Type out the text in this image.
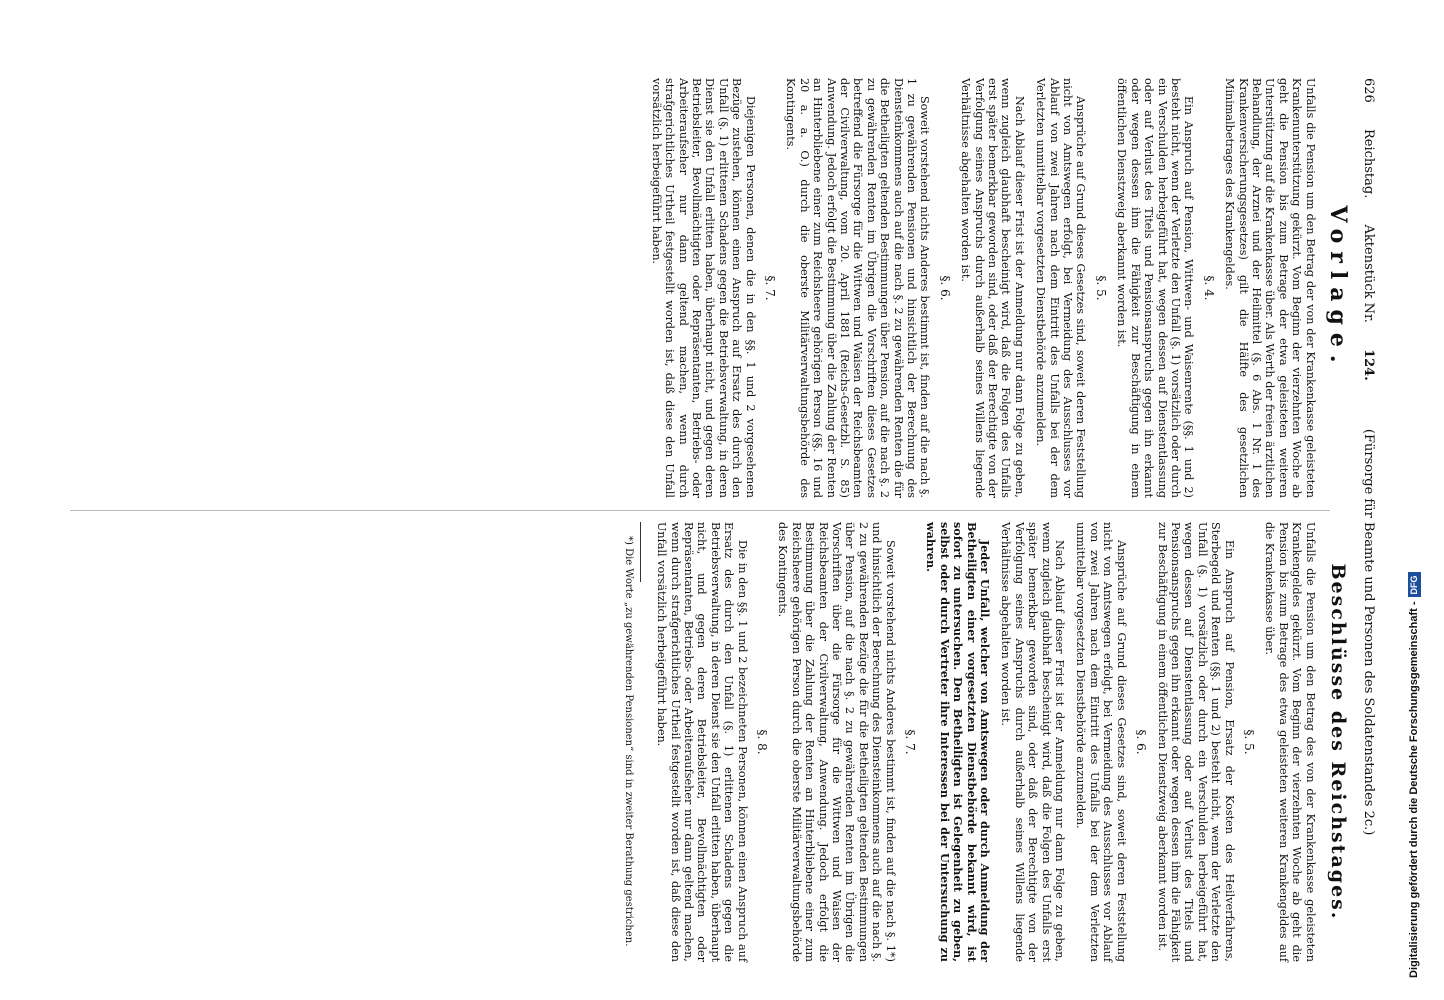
626 Reichstag. Aktenstück Nr. 124. (Fürsorge für Beamte und Personen des Soldatenstandes 2c.)
Vorlage.
Unfalls die Pension um den Betrag der von der Krankenkasse geleisteten Krankenunterstützung gekürzt. Vom Beginn der vierzehnten Woche ab geht die Pension bis zum Betrage der etwa geleisteten weiteren Unterstützung auf die Krankenkasse über. Als Werth der freien ärztlichen Behandlung, der Arznei und der Heilmittel (§. 6 Abs. 1 Nr. 1 des Krankenversicherungsgesetzes) gilt die Hälfte des gesetzlichen Minimalbetrages des Krankengeldes.
§. 4.
Ein Anspruch auf Pension, Wittwen- und Waisenrente (§§. 1 und 2) besteht nicht, wenn der Verletzte den Unfall (§. 1) vorsätzlich oder durch ein Verschulden herbeigeführt hat, wegen dessen auf Dienstentlassung oder auf Verlust des Titels und Pensionsanspruchs gegen ihn erkannt oder wegen dessen ihm die Fähigkeit zur Beschäftigung in einem öffentlichen Dienstzweig aberkannt worden ist.
§. 5.
Ansprüche auf Grund dieses Gesetzes sind, soweit deren Feststellung nicht von Amtswegen erfolgt, bei Vermeidung des Ausschlusses vor Ablauf von zwei Jahren nach dem Eintritt des Unfalls bei der dem Verletzten unmittelbar vorgesetzten Dienstbehörde anzumelden.
Nach Ablauf dieser Frist ist der Anmeldung nur dann Folge zu geben, wenn zugleich glaubhaft bescheinigt wird, daß die Folgen des Unfalls erst später bemerkbar geworden sind, oder daß der Berechtigte von der Verfolgung seines Anspruchs durch außerhalb seines Willens liegende Verhältnisse abgehalten worden ist.
§. 6.
Soweit vorstehend nichts Anderes bestimmt ist, finden auf die nach §. 1 zu gewährenden Pensionen und hinsichtlich der Berechnung des Diensteinkommens auch auf die nach §. 2 zu gewährenden Renten die für die Betheiligten geltenden Bestimmungen über Pension, auf die nach §. 2 zu gewährenden Renten im Übrigen die Vorschriften dieses Gesetzes betreffend die Fürsorge für die Wittwen und Waisen der Reichsbeamten der Civilverwaltung, vom 20. April 1881 (Reichs-Gesetzbl. S. 85) Anwendung. Jedoch erfolgt die Bestimmung über die Zahlung der Renten an Hinterbliebene einer zum Reichsheere gehörigen Person (§§. 16 und 20 a. a. O.) durch die oberste Militärverwaltungsbehörde des Kontingents.
§. 7.
Diejenigen Personen, denen die in den §§. 1 und 2 vorgesehenen Bezüge zustehen, können einen Anspruch auf Ersatz des durch den Unfall (§. 1) erlittenen Schadens gegen die Betriebsverwaltung, in deren Dienst sie den Unfall erlitten haben, überhaupt nicht, und gegen deren Betriebsleiter, Bevollmächtigten oder Repräsentanten, Betriebs- oder Arbeiteraufseher nur dann geltend machen, wenn durch strafgerichtliches Urtheil festgestellt worden ist, daß diese den Unfall vorsätzlich herbeigeführt haben.
Beschlüsse des Reichstages.
Unfalls die Pension um den Betrag des von der Krankenkasse geleisteten Krankengeldes gekürzt. Vom Beginn der vierzehnten Woche ab geht die Pension bis zum Betrage des etwa geleisteten weiteren Krankengeldes auf die Krankenkasse über.
§. 5.
Ein Anspruch auf Pension, Ersatz der Kosten des Heilverfahrens, Sterbegeld und Renten (§§. 1 und 2) besteht nicht, wenn der Verletzte den Unfall (§. 1) vorsätzlich oder durch ein Verschulden herbeigeführt hat, wegen dessen auf Dienstentlassung oder auf Verlust des Titels und Pensionsanspruchs gegen ihn erkannt oder wegen dessen ihm die Fähigkeit zur Beschäftigung in einem öffentlichen Dienstzweig aberkannt worden ist.
§. 6.
Ansprüche auf Grund dieses Gesetzes sind, soweit deren Feststellung nicht von Amtswegen erfolgt, bei Vermeidung des Ausschlusses vor Ablauf von zwei Jahren nach dem Eintritt des Unfalls bei der dem Verletzten unmittelbar vorgesetzten Dienstbehörde anzumelden.
Nach Ablauf dieser Frist ist der Anmeldung nur dann Folge zu geben, wenn zugleich glaubhaft bescheinigt wird, daß die Folgen des Unfalls erst später bemerkbar geworden sind, oder daß der Berechtigte von der Verfolgung seines Anspruchs durch außerhalb seines Willens liegende Verhältnisse abgehalten worden ist.
Jeder Unfall, welcher von Amtswegen oder durch Anmeldung der Betheiligten einer vorgesetzten Dienstbehörde bekannt wird, ist sofort zu untersuchen. Den Betheiligten ist Gelegenheit zu geben, selbst oder durch Vertreter ihre Interessen bei der Untersuchung zu wahren.
§. 7.
Soweit vorstehend nichts Anderes bestimmt ist, finden auf die nach §. 1*) und hinsichtlich der Berechnung des Diensteinkommens auch auf die nach §. 2 zu gewährenden Bezüge die für die Betheiligten geltenden Bestimmungen über Pension, auf die nach §. 2 zu gewährenden Renten im Übrigen die Vorschriften über die Fürsorge für die Wittwen und Waisen der Reichsbeamten der Civilverwaltung, Anwendung. Jedoch erfolgt die Bestimmung über die Zahlung der Renten an Hinterbliebene einer zum Reichsheere gehörigen Person durch die oberste Militärverwaltungsbehörde des Kontingents.
§. 8.
Die in den §§. 1 und 2 bezeichneten Personen, können einen Anspruch auf Ersatz des durch den Unfall (§. 1) erlittenen Schadens gegen die Betriebsverwaltung, in deren Dienst sie den Unfall erlitten haben, überhaupt nicht, und gegen deren Betriebsleiter, Bevollmächtigten oder Repräsentanten, Betriebs- oder Arbeiteraufseher nur dann geltend machen, wenn durch strafgerichtliches Urtheil festgestellt worden ist, daß diese den Unfall vorsätzlich herbeigeführt haben.
*) Die Worte „zu gewährenden Pensionen“ sind in zweiter Berathung gestrichen.	Digitalisierung gefördert durch die Deutsche Forschungsgemeinschaft -DFG
